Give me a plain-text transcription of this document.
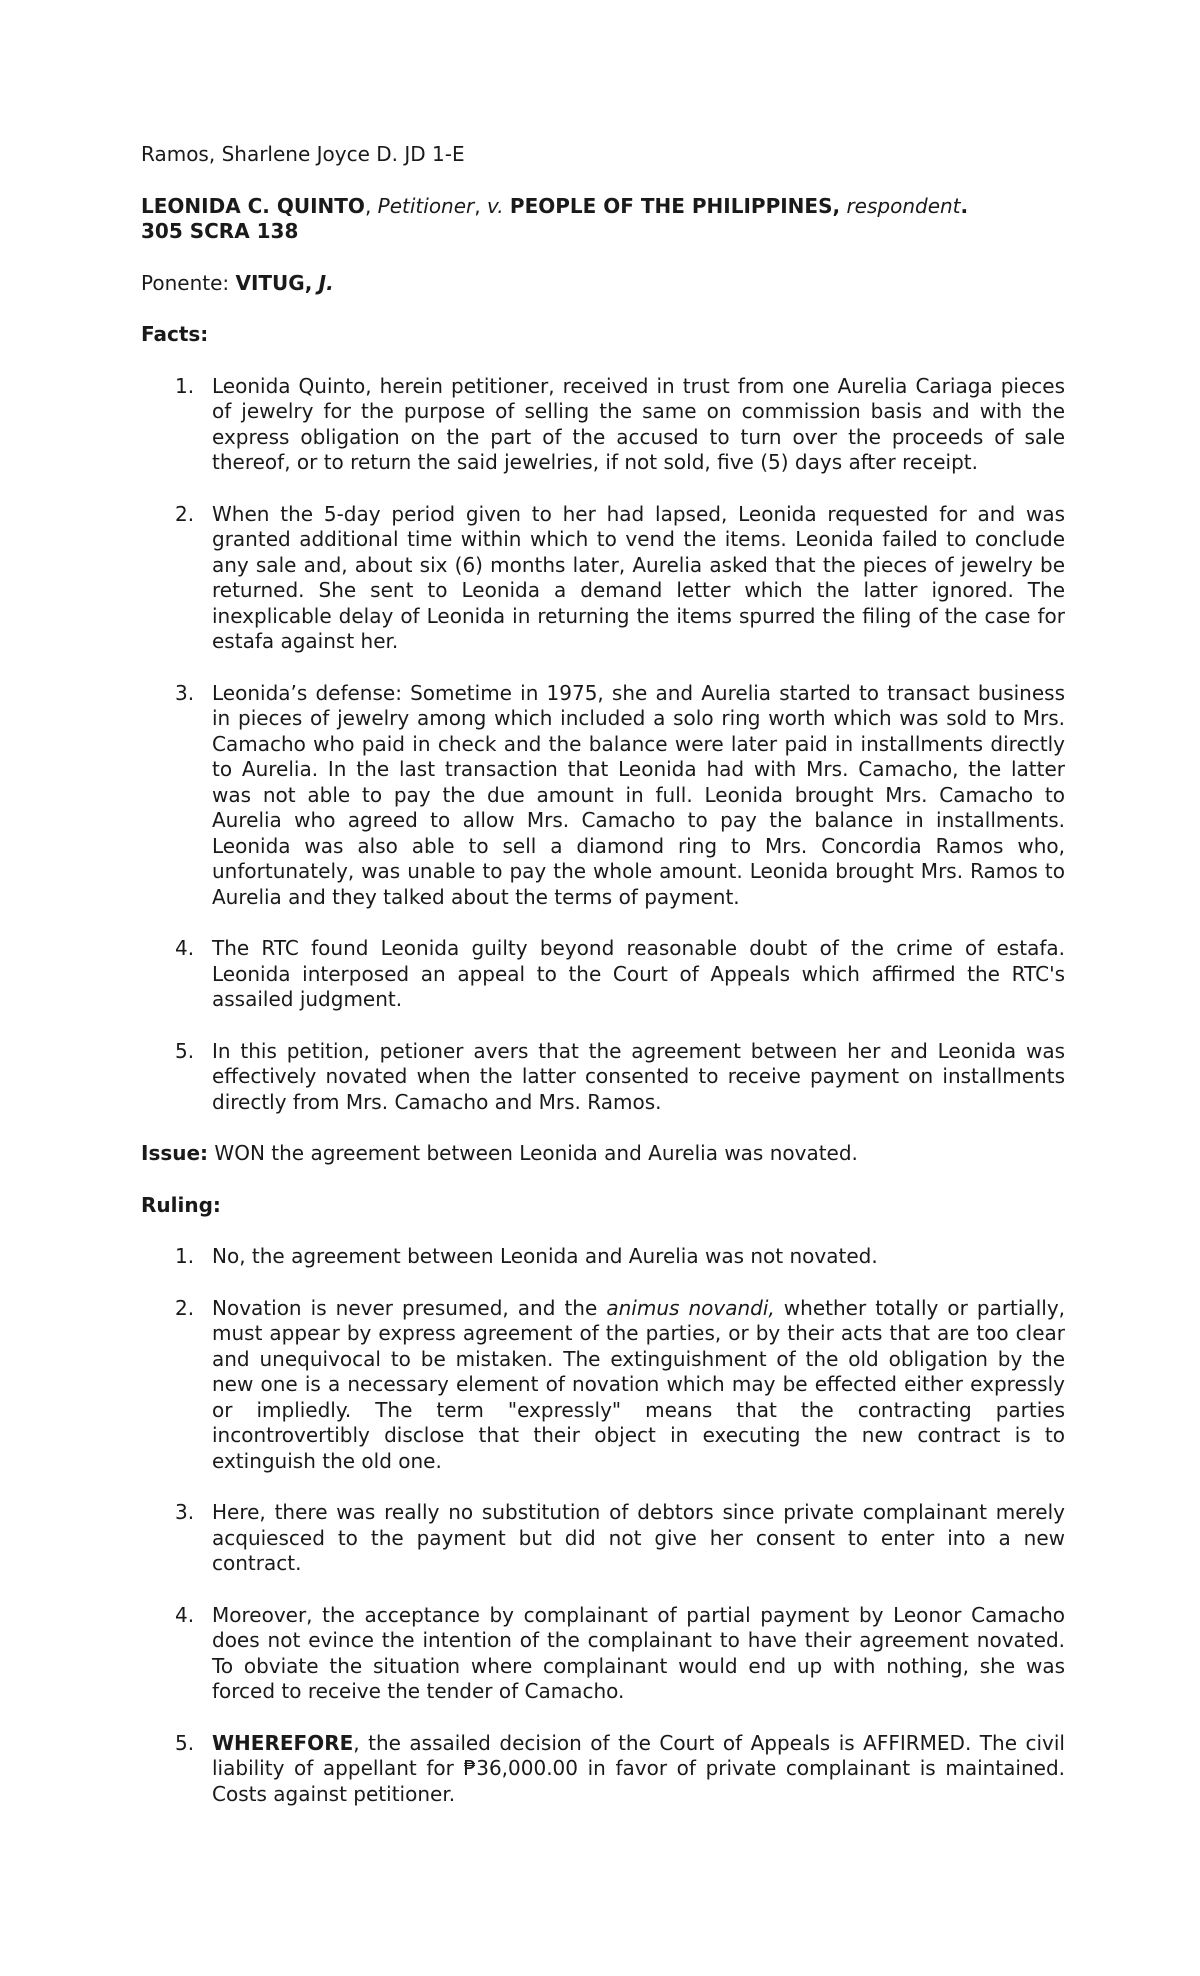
Ramos, Sharlene Joyce D. JD 1-E
LEONIDA C. QUINTO, Petitioner, v. PEOPLE OF THE PHILIPPINES, respondent.
305 SCRA 138
Ponente: VITUG, J.
Facts:
1. Leonida Quinto, herein petitioner, received in trust from one Aurelia Cariaga pieces of jewelry for the purpose of selling the same on commission basis and with the express obligation on the part of the accused to turn over the proceeds of sale thereof, or to return the said jewelries, if not sold, five (5) days after receipt.
2. When the 5-day period given to her had lapsed, Leonida requested for and was granted additional time within which to vend the items. Leonida failed to conclude any sale and, about six (6) months later, Aurelia asked that the pieces of jewelry be returned. She sent to Leonida a demand letter which the latter ignored. The inexplicable delay of Leonida in returning the items spurred the filing of the case for estafa against her.
3. Leonida’s defense: Sometime in 1975, she and Aurelia started to transact business in pieces of jewelry among which included a solo ring worth which was sold to Mrs. Camacho who paid in check and the balance were later paid in installments directly to Aurelia. In the last transaction that Leonida had with Mrs. Camacho, the latter was not able to pay the due amount in full. Leonida brought Mrs. Camacho to Aurelia who agreed to allow Mrs. Camacho to pay the balance in installments. Leonida was also able to sell a diamond ring to Mrs. Concordia Ramos who, unfortunately, was unable to pay the whole amount. Leonida brought Mrs. Ramos to Aurelia and they talked about the terms of payment.
4. The RTC found Leonida guilty beyond reasonable doubt of the crime of estafa. Leonida interposed an appeal to the Court of Appeals which affirmed the RTC's assailed judgment.
5. In this petition, petioner avers that the agreement between her and Leonida was effectively novated when the latter consented to receive payment on installments directly from Mrs. Camacho and Mrs. Ramos.
Issue: WON the agreement between Leonida and Aurelia was novated.
Ruling:
1. No, the agreement between Leonida and Aurelia was not novated.
2. Novation is never presumed, and the animus novandi, whether totally or partially, must appear by express agreement of the parties, or by their acts that are too clear and unequivocal to be mistaken. The extinguishment of the old obligation by the new one is a necessary element of novation which may be effected either expressly or impliedly. The term "expressly" means that the contracting parties incontrovertibly disclose that their object in executing the new contract is to extinguish the old one.
3. Here, there was really no substitution of debtors since private complainant merely acquiesced to the payment but did not give her consent to enter into a new contract.
4. Moreover, the acceptance by complainant of partial payment by Leonor Camacho does not evince the intention of the complainant to have their agreement novated. To obviate the situation where complainant would end up with nothing, she was forced to receive the tender of Camacho.
5. WHEREFORE, the assailed decision of the Court of Appeals is AFFIRMED. The civil liability of appellant for ₱36,000.00 in favor of private complainant is maintained. Costs against petitioner.
